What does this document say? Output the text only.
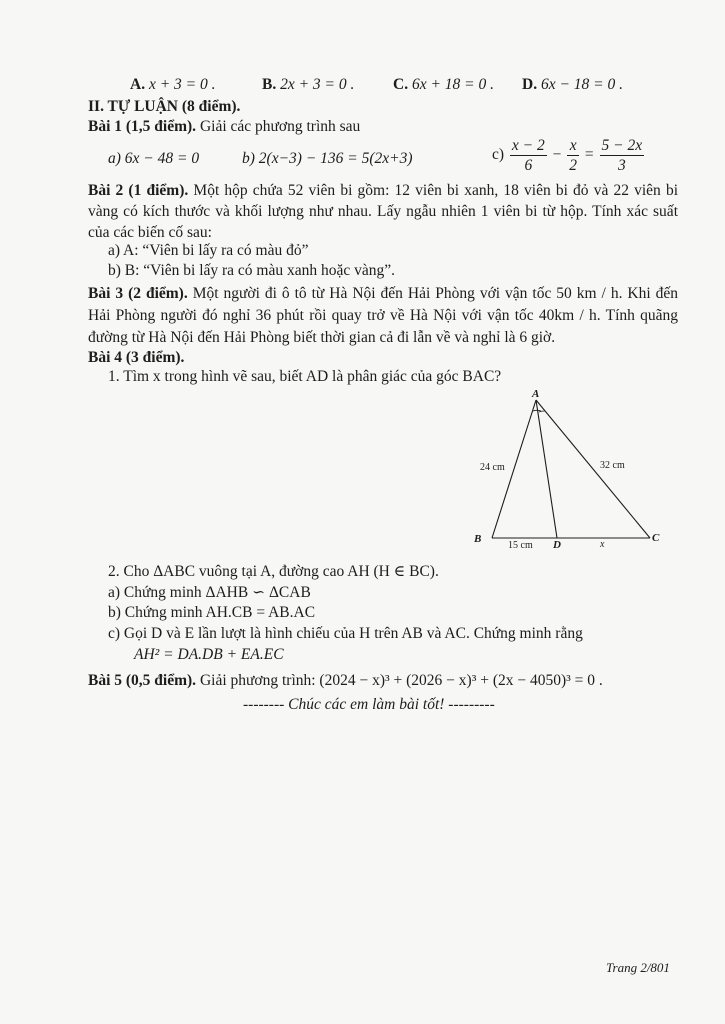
A. x + 3 = 0 .	B. 2x + 3 = 0 . C. 6x + 18 = 0 . D. 6x − 18 = 0 .
II. TỰ LUẬN (8 điểm).
Bài 1 (1,5 điểm). Giải các phương trình sau
a) 6x − 48 = 0	b) 2(x−3) − 136 = 5(2x+3)	$c) \frac{x - 2}{6} - \frac{x}{2} = \frac{5 - 2x}{3}$
Bài 2 (1 điểm). Một hộp chứa 52 viên bi gồm: 12 viên bi xanh, 18 viên bi đỏ và 22 viên bi vàng có kích thước và khối lượng như nhau. Lấy ngẫu nhiên 1 viên bi từ hộp. Tính xác suất của các biến cố sau:
a) A: “Viên bi lấy ra có màu đỏ”
b) B: “Viên bi lấy ra có màu xanh hoặc vàng”.
Bài 3 (2 điểm). Một người đi ô tô từ Hà Nội đến Hải Phòng với vận tốc 50 km / h. Khi đến Hải Phòng người đó nghỉ 36 phút rồi quay trở về Hà Nội với vận tốc 40km / h. Tính quãng đường từ Hà Nội đến Hải Phòng biết thời gian cả đi lẫn về và nghỉ là 6 giờ.
Bài 4 (3 điểm).
1. Tìm x trong hình vẽ sau, biết AD là phân giác của góc BAC?
A
B	C
D
24 cm	32 cm
15 cm	x
2. Cho ΔABC vuông tại A, đường cao AH (H ∈ BC).
a) Chứng minh ΔAHB ∽ ΔCAB
b) Chứng minh AH.CB = AB.AC
c) Gọi D và E lần lượt là hình chiếu của H trên AB và AC. Chứng minh rằng
AH² = DA.DB + EA.EC
Bài 5 (0,5 điểm). Giải phương trình: (2024 − x)³ + (2026 − x)³ + (2x − 4050)³ = 0 .
-------- Chúc các em làm bài tốt! ---------
Trang 2/801
